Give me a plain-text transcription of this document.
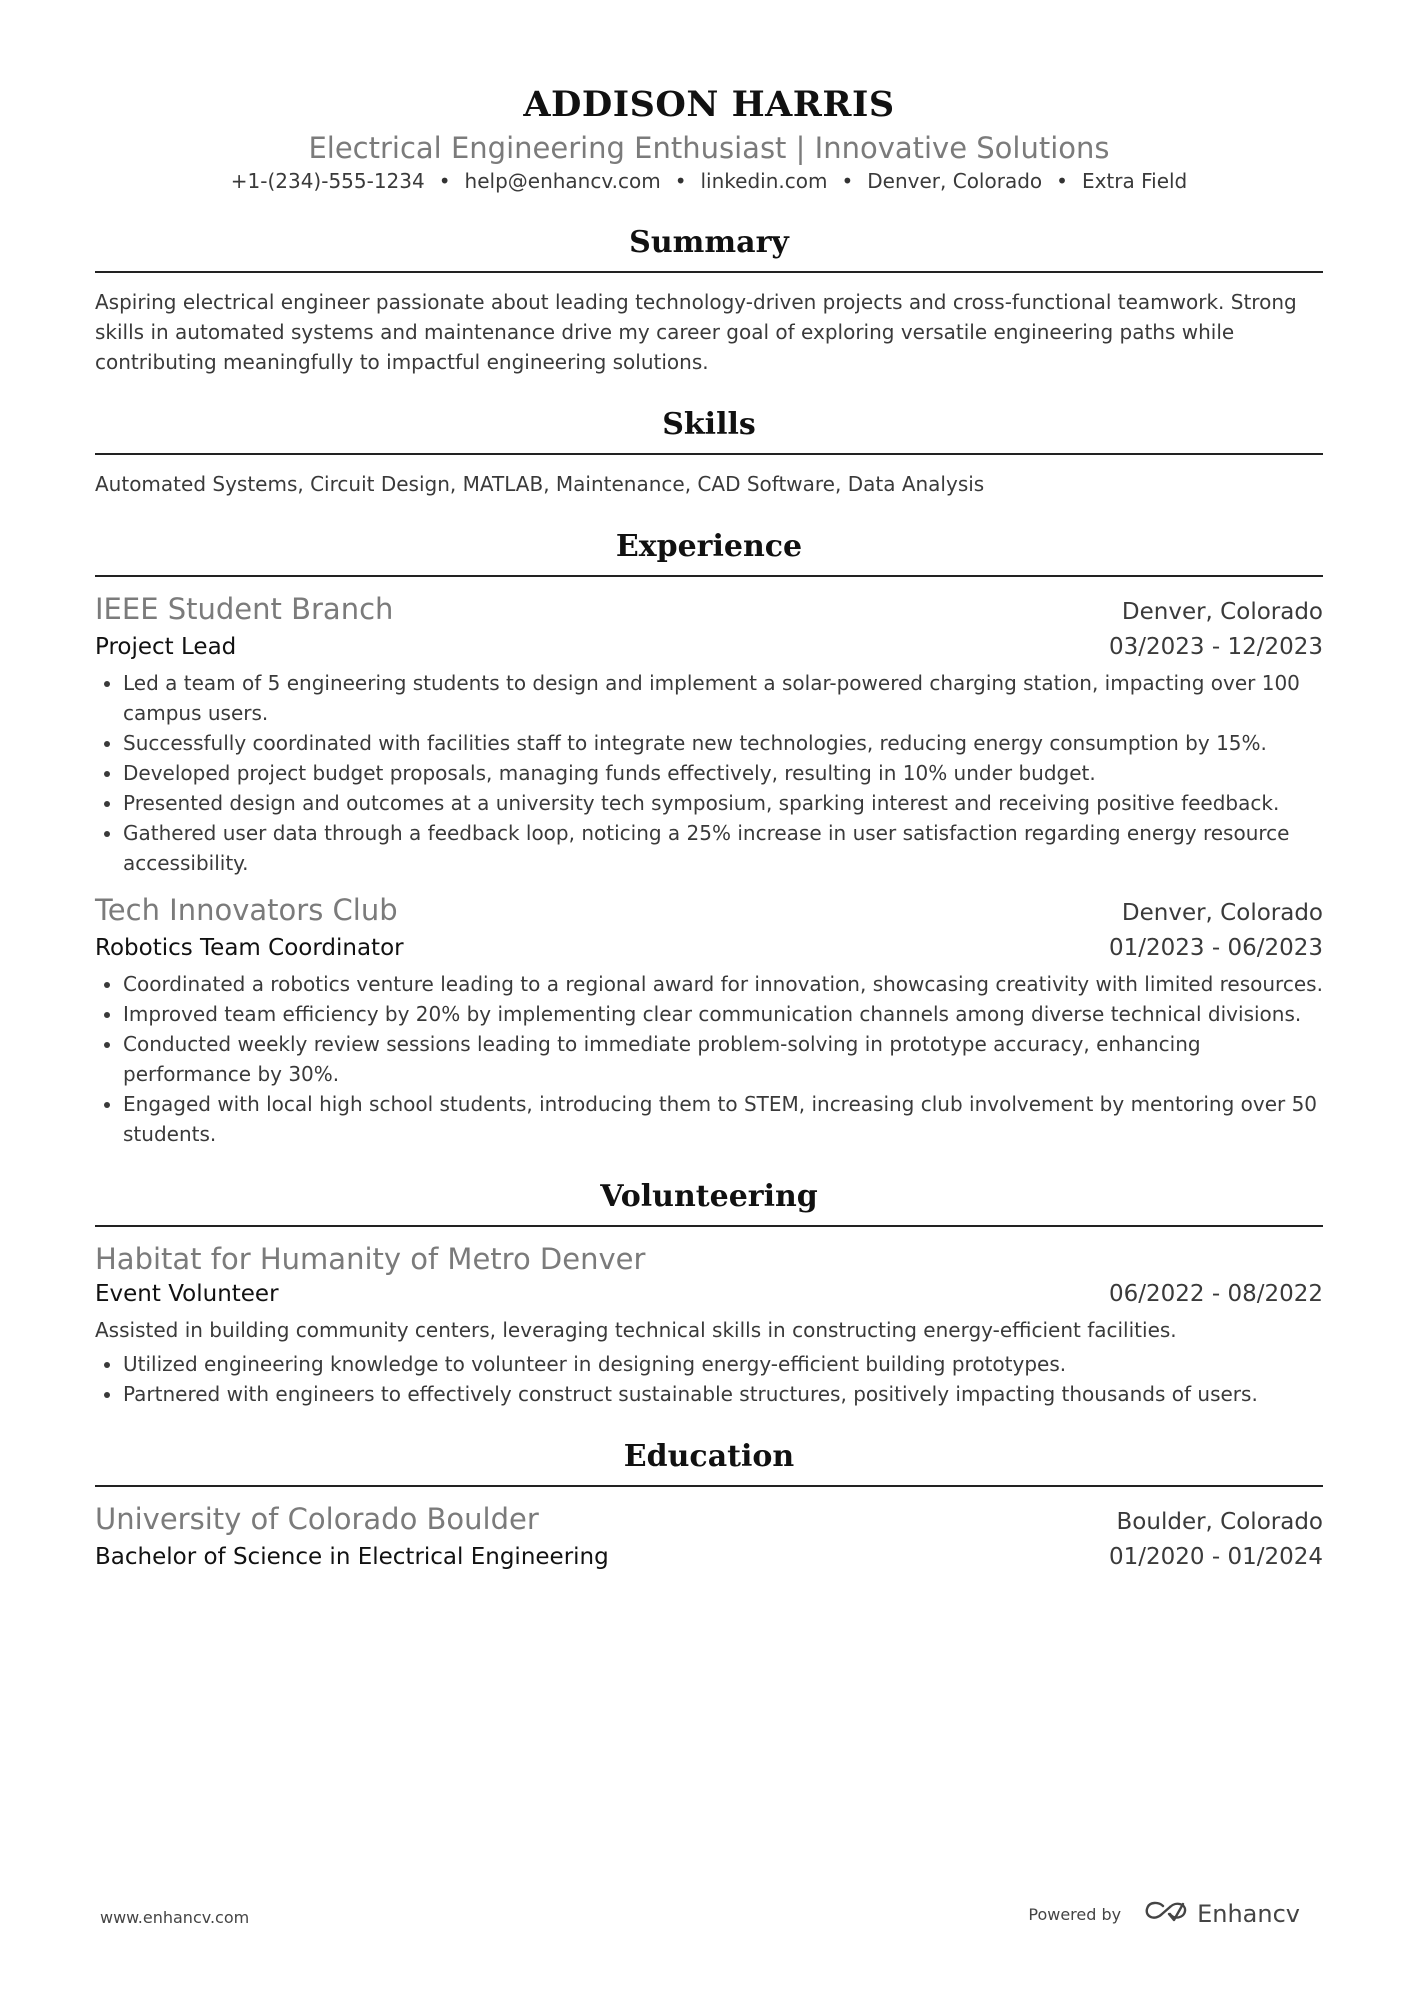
ADDISON HARRIS
Electrical Engineering Enthusiast | Innovative Solutions
+1-(234)-555-1234 • help@enhancv.com • linkedin.com • Denver, Colorado • Extra Field
Summary

Aspiring electrical engineer passionate about leading technology-driven projects and cross-functional teamwork. Strong skills in automated systems and maintenance drive my career goal of exploring versatile engineering paths while contributing meaningfully to impactful engineering solutions.

Skills

Automated Systems, Circuit Design, MATLAB, Maintenance, CAD Software, Data Analysis

Experience
IEEE Student Branch	Denver, Colorado
Project Lead	03/2023 - 12/2023
• Led a team of 5 engineering students to design and implement a solar-powered charging station, impacting over 100 campus users.
• Successfully coordinated with facilities staff to integrate new technologies, reducing energy consumption by 15%.
• Developed project budget proposals, managing funds effectively, resulting in 10% under budget.
• Presented design and outcomes at a university tech symposium, sparking interest and receiving positive feedback.
• Gathered user data through a feedback loop, noticing a 25% increase in user satisfaction regarding energy resource accessibility.
Tech Innovators Club	Denver, Colorado
Robotics Team Coordinator	01/2023 - 06/2023
• Coordinated a robotics venture leading to a regional award for innovation, showcasing creativity with limited resources.
• Improved team efficiency by 20% by implementing clear communication channels among diverse technical divisions.
• Conducted weekly review sessions leading to immediate problem-solving in prototype accuracy, enhancing performance by 30%.
• Engaged with local high school students, introducing them to STEM, increasing club involvement by mentoring over 50 students.
Volunteering
Habitat for Humanity of Metro Denver
Event Volunteer	06/2022 - 08/2022
Assisted in building community centers, leveraging technical skills in constructing energy-efficient facilities.
• Utilized engineering knowledge to volunteer in designing energy-efficient building prototypes.
• Partnered with engineers to effectively construct sustainable structures, positively impacting thousands of users.
Education
University of Colorado Boulder	Boulder, Colorado
Bachelor of Science in Electrical Engineering	01/2020 - 01/2024
www.enhancv.com	Powered by	Enhancv
